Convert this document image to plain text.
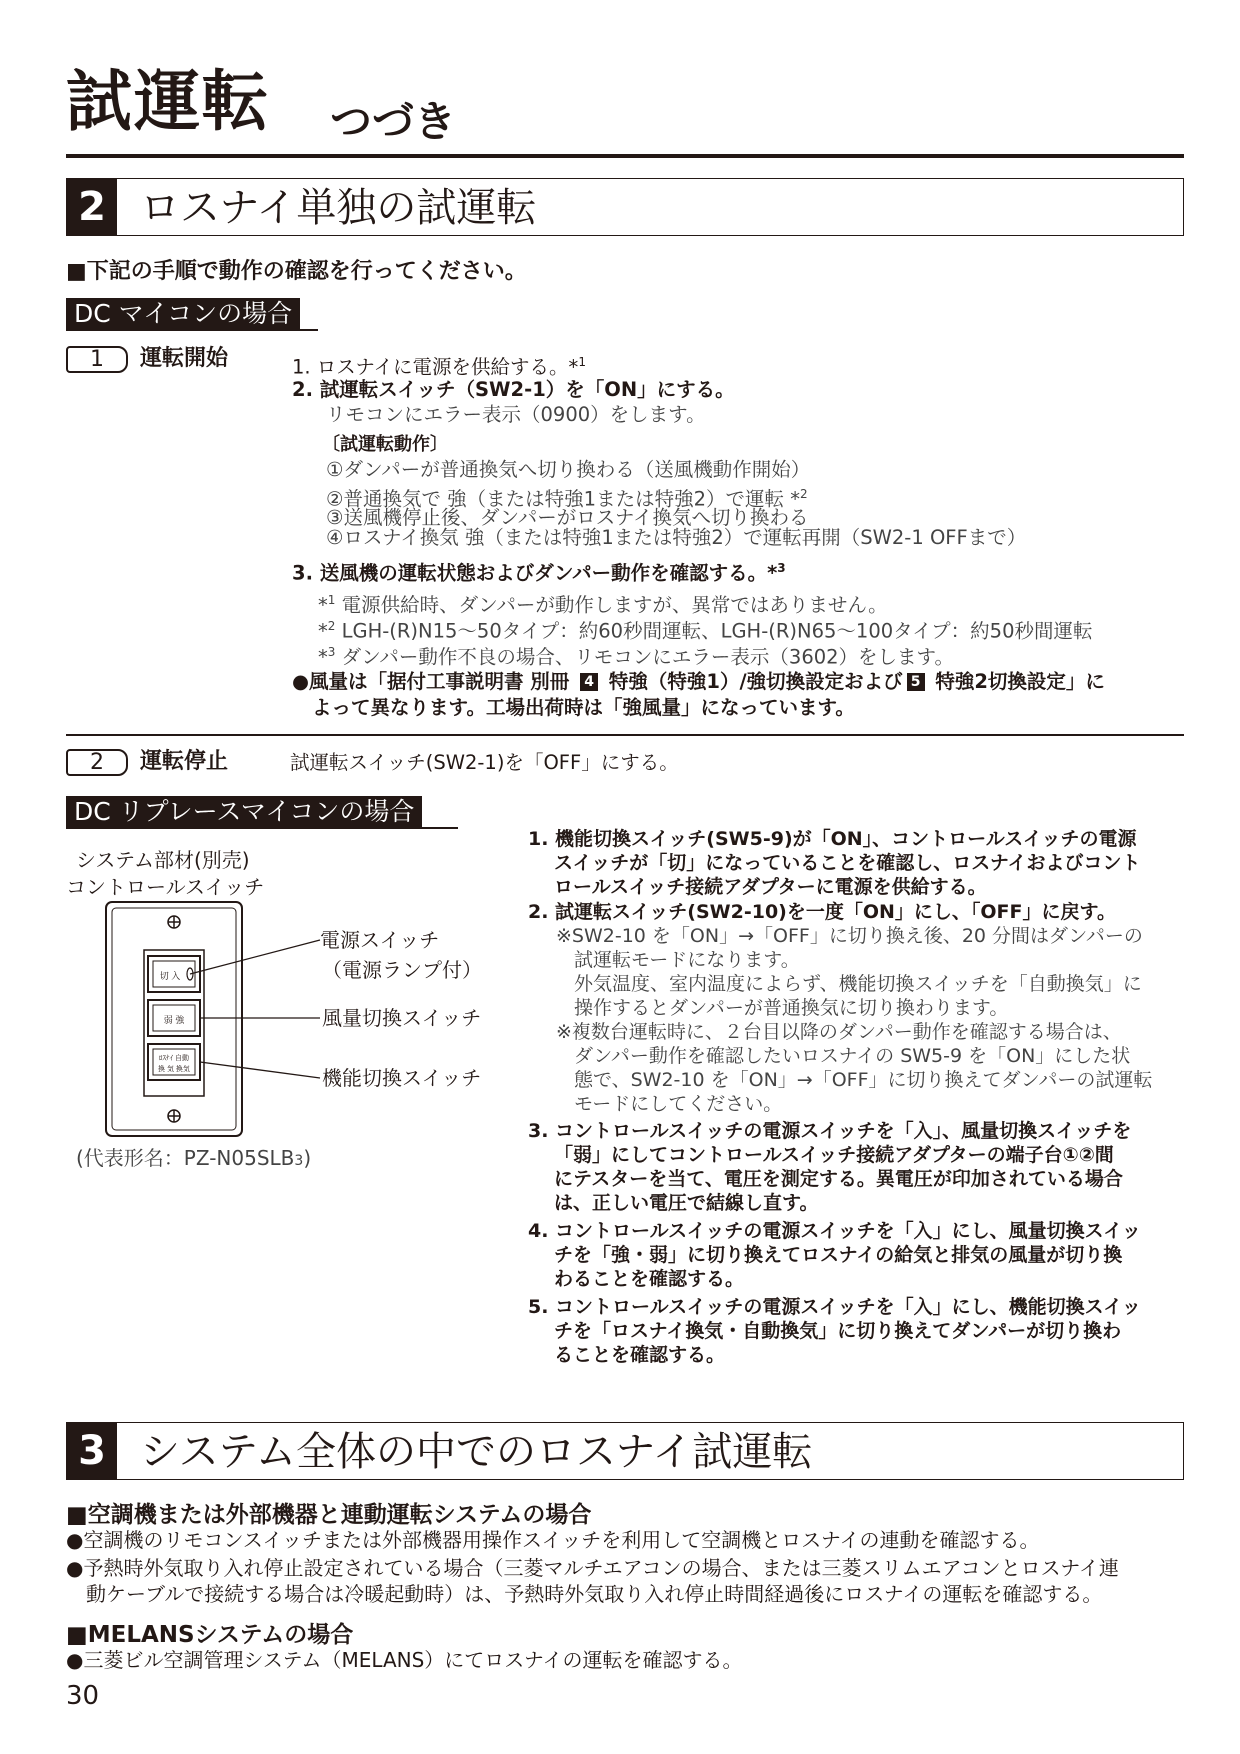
試運転 つづき
2 ロスナイ単独の試運転
■下記の手順で動作の確認を行ってください。
DC マイコンの場合
1	運転開始	1. ロスナイに電源を供給する。*$^1$
2. 試運転スイッチ（SW2-1）を「ON」にする。
リモコンにエラー表示（0900）をします。
〔試運転動作〕
①ダンパーが普通換気へ切り換わる（送風機動作開始）
②普通換気で 強（または特強1または特強2）で運転 *$^2$
③送風機停止後、ダンパーがロスナイ換気へ切り換わる
④ロスナイ換気 強（または特強1または特強2）で運転再開（SW2-1 OFFまで）
3. 送風機の運転状態およびダンパー動作を確認する。*$^3$
*$^1$ 電源供給時、ダンパーが動作しますが、異常ではありません。
*$^2$ LGH-(R)N15～50タイプ：約60秒間運転、LGH-(R)N65～100タイプ：約50秒間運転
*$^3$ ダンパー動作不良の場合、リモコンにエラー表示（3602）をします。
●風量は「据付工事説明書 別冊 4 特強（特強1）/強切換設定および 5 特強2切換設定」に
よって異なります。工場出荷時は「強風量」になっています。
2	運転停止	試運転スイッチ(SW2-1)を「OFF」にする。
DC リプレースマイコンの場合
システム部材(別売)
コントロールスイッチ
切 入
弱 強
ﾛｽﾅｲ 自動
換 気 換気
電源スイッチ
（電源ランプ付）
風量切換スイッチ
機能切換スイッチ
(代表形名：PZ-N05SLB3)
1. 機能切換スイッチ(SW5-9)が「ON」、コントロールスイッチの電源
スイッチが「切」になっていることを確認し、ロスナイおよびコント
ロールスイッチ接続アダプターに電源を供給する。
2. 試運転スイッチ(SW2-10)を一度「ON」にし、「OFF」に戻す。
※SW2-10 を「ON」→「OFF」に切り換え後、20 分間はダンパーの
試運転モードになります。
外気温度、室内温度によらず、機能切換スイッチを「自動換気」に
操作するとダンパーが普通換気に切り換わります。
※複数台運転時に、２台目以降のダンパー動作を確認する場合は、
ダンパー動作を確認したいロスナイの SW5-9 を「ON」にした状
態で、SW2-10 を「ON」→「OFF」に切り換えてダンパーの試運転
モードにしてください。
3. コントロールスイッチの電源スイッチを「入」、風量切換スイッチを
「弱」にしてコントロールスイッチ接続アダプターの端子台①②間
にテスターを当て、電圧を測定する。異電圧が印加されている場合
は、正しい電圧で結線し直す。
4. コントロールスイッチの電源スイッチを「入」にし、風量切換スイッ
チを「強・弱」に切り換えてロスナイの給気と排気の風量が切り換
わることを確認する。
5. コントロールスイッチの電源スイッチを「入」にし、機能切換スイッ
チを「ロスナイ換気・自動換気」に切り換えてダンパーが切り換わ
ることを確認する。
3 システム全体の中でのロスナイ試運転
■空調機または外部機器と連動運転システムの場合
●空調機のリモコンスイッチまたは外部機器用操作スイッチを利用して空調機とロスナイの連動を確認する。
●予熱時外気取り入れ停止設定されている場合（三菱マルチエアコンの場合、または三菱スリムエアコンとロスナイ連
動ケーブルで接続する場合は冷暖起動時）は、予熱時外気取り入れ停止時間経過後にロスナイの運転を確認する。
■MELANSシステムの場合
●三菱ビル空調管理システム（MELANS）にてロスナイの運転を確認する。
30
